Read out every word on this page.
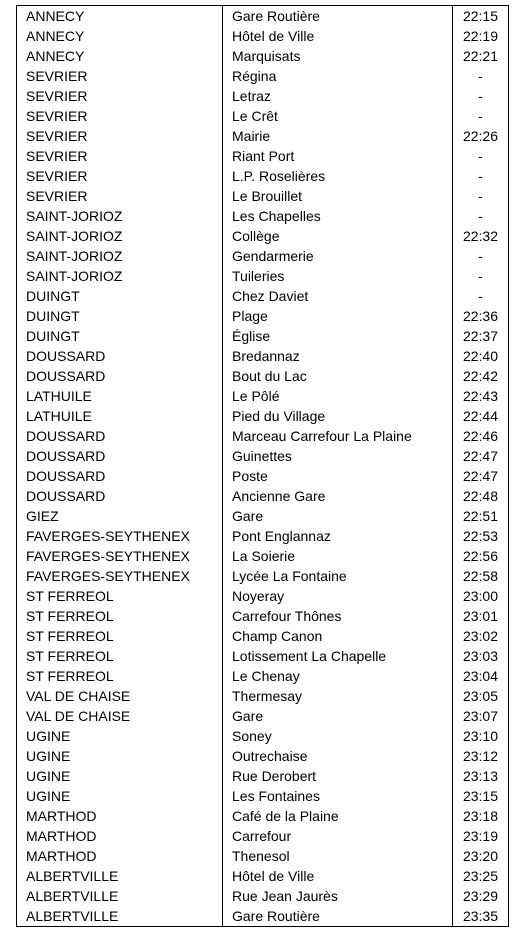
ANNECY	Gare Routière	22:15
ANNECY	Hôtel de Ville	22:19
ANNECY	Marquisats	22:21
SEVRIER	Régina	-
SEVRIER	Letraz	-
SEVRIER	Le Crêt	-
SEVRIER	Mairie	22:26
SEVRIER	Riant Port	-
SEVRIER	L.P. Roselières	-
SEVRIER	Le Brouillet	-
SAINT-JORIOZ	Les Chapelles	-
SAINT-JORIOZ	Collège	22:32
SAINT-JORIOZ	Gendarmerie	-
SAINT-JORIOZ	Tuileries	-
DUINGT	Chez Daviet	-
DUINGT	Plage	22:36
DUINGT	Église	22:37
DOUSSARD	Bredannaz	22:40
DOUSSARD	Bout du Lac	22:42
LATHUILE	Le Pôlé	22:43
LATHUILE	Pied du Village	22:44
DOUSSARD	Marceau Carrefour La Plaine	22:46
DOUSSARD	Guinettes	22:47
DOUSSARD	Poste	22:47
DOUSSARD	Ancienne Gare	22:48
GIEZ	Gare	22:51
FAVERGES-SEYTHENEX	Pont Englannaz	22:53
FAVERGES-SEYTHENEX	La Soierie	22:56
FAVERGES-SEYTHENEX	Lycée La Fontaine	22:58
ST FERREOL	Noyeray	23:00
ST FERREOL	Carrefour Thônes	23:01
ST FERREOL	Champ Canon	23:02
ST FERREOL	Lotissement La Chapelle	23:03
ST FERREOL	Le Chenay	23:04
VAL DE CHAISE	Thermesay	23:05
VAL DE CHAISE	Gare	23:07
UGINE	Soney	23:10
UGINE	Outrechaise	23:12
UGINE	Rue Derobert	23:13
UGINE	Les Fontaines	23:15
MARTHOD	Café de la Plaine	23:18
MARTHOD	Carrefour	23:19
MARTHOD	Thenesol	23:20
ALBERTVILLE	Hôtel de Ville	23:25
ALBERTVILLE	Rue Jean Jaurès	23:29
ALBERTVILLE	Gare Routière	23:35
